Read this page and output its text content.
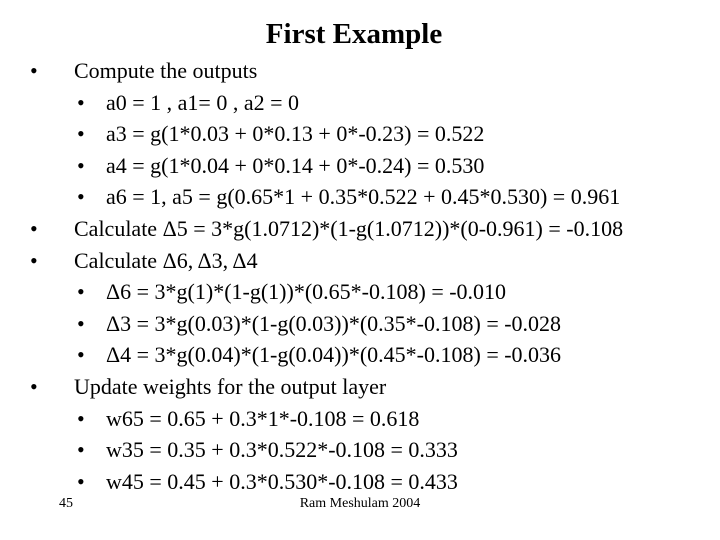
First Example
• Compute the outputs
• a0 = 1 , a1= 0 , a2 = 0
• a3 = g(1*0.03 + 0*0.13 + 0*-0.23) = 0.522
• a4 = g(1*0.04 + 0*0.14 + 0*-0.24) = 0.530
• a6 = 1, a5 = g(0.65*1 + 0.35*0.522 + 0.45*0.530) = 0.961
• Calculate Δ5 = 3*g(1.0712)*(1-g(1.0712))*(0-0.961) = -0.108
• Calculate Δ6, Δ3, Δ4
• Δ6 = 3*g(1)*(1-g(1))*(0.65*-0.108) = -0.010
• Δ3 = 3*g(0.03)*(1-g(0.03))*(0.35*-0.108) = -0.028
• Δ4 = 3*g(0.04)*(1-g(0.04))*(0.45*-0.108) = -0.036
• Update weights for the output layer
• w65 = 0.65 + 0.3*1*-0.108 = 0.618
• w35 = 0.35 + 0.3*0.522*-0.108 = 0.333
• w45 = 0.45 + 0.3*0.530*-0.108 = 0.433
45	Ram Meshulam 2004
